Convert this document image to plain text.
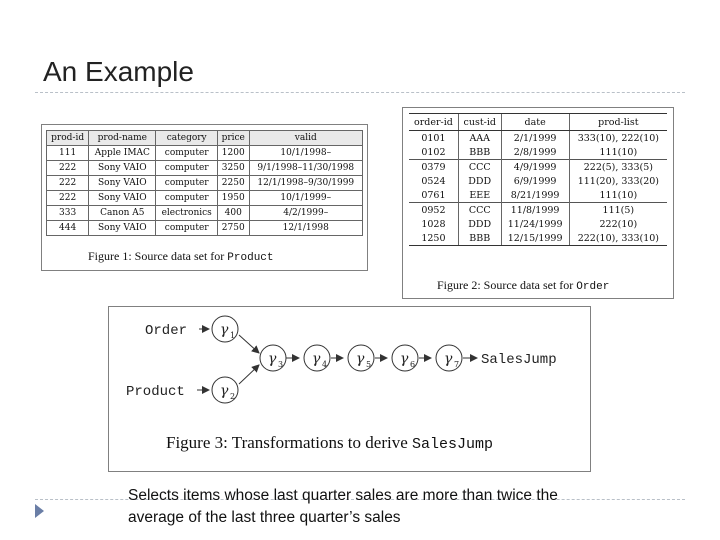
An Example
prod-id	prod-name	category	price	valid
111	Apple IMAC	computer	1200	10/1/1998–
222	Sony VAIO	computer	3250	9/1/1998–11/30/1998
222	Sony VAIO	computer	2250	12/1/1998–9/30/1999
222	Sony VAIO	computer	1950	10/1/1999–
333	Canon A5	electronics	400	4/2/1999–
444	Sony VAIO	computer	2750	12/1/1998
Figure 1: Source data set for Product
order-id	cust-id	date	prod-list
0101	AAA	2/1/1999	333(10), 222(10)
0102	BBB	2/8/1999	111(10)
0379	CCC	4/9/1999	222(5), 333(5)
0524	DDD	6/9/1999	111(20), 333(20)
0761	EEE	8/21/1999	111(10)
0952	CCC	11/8/1999	111(5)
1028	DDD	11/24/1999	222(10)
1250	BBB	12/15/1999	222(10), 333(10)
Figure 2: Source data set for Order
Order
Product
γ 1
γ 2
γ 3 γ 4 γ 5 γ 6 γ 7 SalesJump
Figure 3: Transformations to derive SalesJump
Selects items whose last quarter sales are more than twice the average of the last three quarter’s sales
